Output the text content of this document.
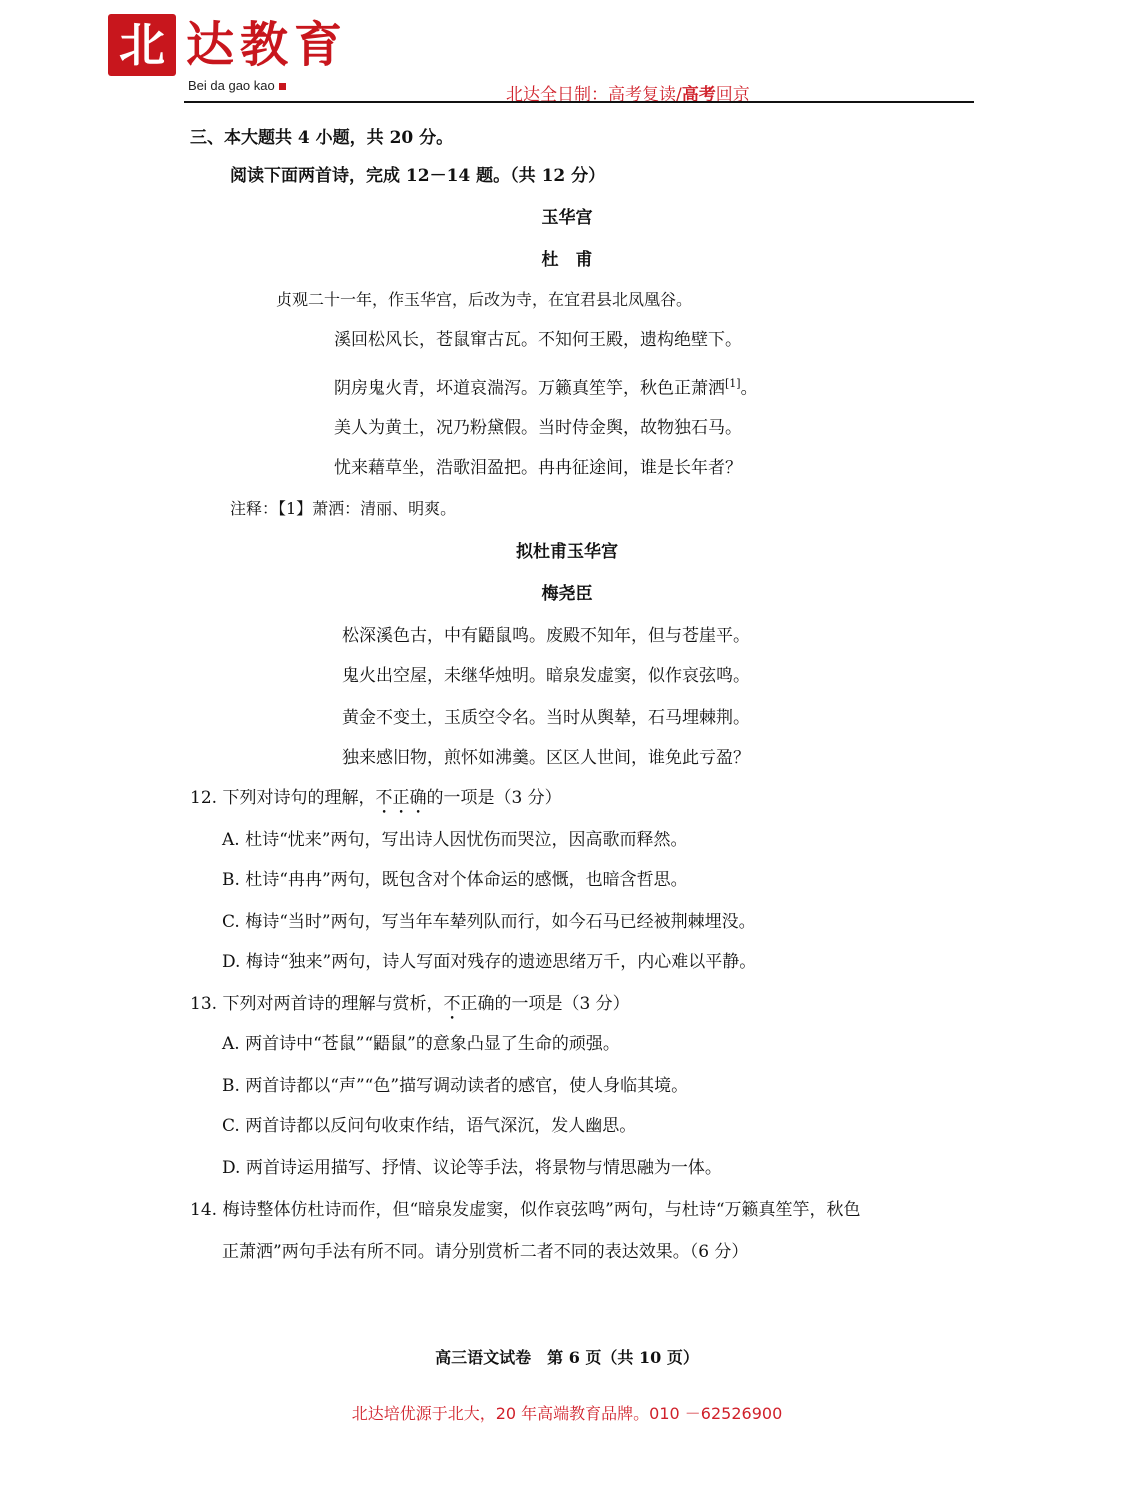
北 达教育
Bei da gao kao	北达全日制：高考复读/高考回京
三、本大题共 4 小题，共 20 分。
阅读下面两首诗，完成 12－14 题。（共 12 分）
玉华宫
杜　甫
贞观二十一年，作玉华宫，后改为寺，在宜君县北凤凰谷。
溪回松风长，苍鼠窜古瓦。不知何王殿，遗构绝壁下。
阴房鬼火青，坏道哀湍泻。万籁真笙竽，秋色正萧洒[1]。
美人为黄土，况乃粉黛假。当时侍金舆，故物独石马。
忧来藉草坐，浩歌泪盈把。冉冉征途间，谁是长年者？
注释：【1】萧洒：清丽、明爽。
拟杜甫玉华宫
梅尧臣
松深溪色古，中有鼯鼠鸣。废殿不知年，但与苍崖平。
鬼火出空屋，未继华烛明。暗泉发虚窦，似作哀弦鸣。
黄金不变土，玉质空令名。当时从舆辇，石马埋棘荆。
独来感旧物，煎怀如沸羹。区区人世间，谁免此亏盈？
12. 下列对诗句的理解，不正确的一项是（3 分）
A. 杜诗“忧来”两句，写出诗人因忧伤而哭泣，因高歌而释然。
B. 杜诗“冉冉”两句，既包含对个体命运的感慨，也暗含哲思。
C. 梅诗“当时”两句，写当年车辇列队而行，如今石马已经被荆棘埋没。
D. 梅诗“独来”两句，诗人写面对残存的遗迹思绪万千，内心难以平静。
13. 下列对两首诗的理解与赏析，不正确的一项是（3 分）
A. 两首诗中“苍鼠”“鼯鼠”的意象凸显了生命的顽强。
B. 两首诗都以“声”“色”描写调动读者的感官，使人身临其境。
C. 两首诗都以反问句收束作结，语气深沉，发人幽思。
D. 两首诗运用描写、抒情、议论等手法，将景物与情思融为一体。
14. 梅诗整体仿杜诗而作，但“暗泉发虚窦，似作哀弦鸣”两句，与杜诗“万籁真笙竽，秋色
正萧洒”两句手法有所不同。请分别赏析二者不同的表达效果。（6 分）
高三语文试卷　第 6 页（共 10 页）
北达培优源于北大，20 年高端教育品牌。010 －62526900
